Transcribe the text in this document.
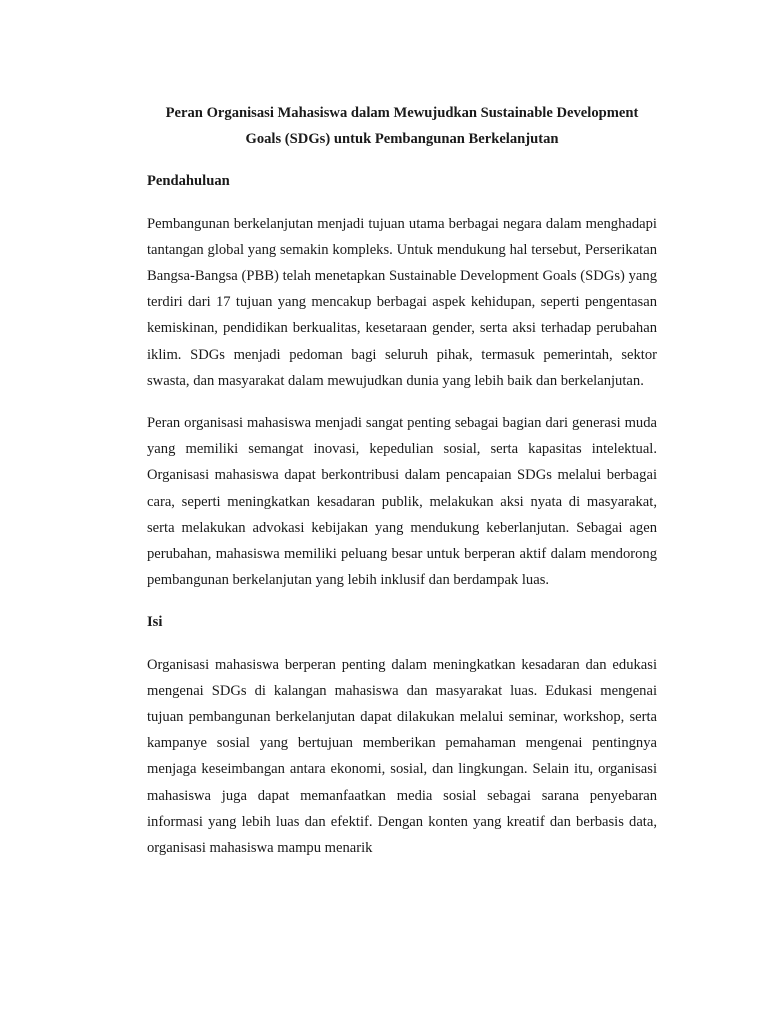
Peran Organisasi Mahasiswa dalam Mewujudkan Sustainable Development Goals (SDGs) untuk Pembangunan Berkelanjutan
Pendahuluan

Pembangunan berkelanjutan menjadi tujuan utama berbagai negara dalam menghadapi tantangan global yang semakin kompleks. Untuk mendukung hal tersebut, Perserikatan Bangsa-Bangsa (PBB) telah menetapkan Sustainable Development Goals (SDGs) yang terdiri dari 17 tujuan yang mencakup berbagai aspek kehidupan, seperti pengentasan kemiskinan, pendidikan berkualitas, kesetaraan gender, serta aksi terhadap perubahan iklim. SDGs menjadi pedoman bagi seluruh pihak, termasuk pemerintah, sektor swasta, dan masyarakat dalam mewujudkan dunia yang lebih baik dan berkelanjutan.

Peran organisasi mahasiswa menjadi sangat penting sebagai bagian dari generasi muda yang memiliki semangat inovasi, kepedulian sosial, serta kapasitas intelektual. Organisasi mahasiswa dapat berkontribusi dalam pencapaian SDGs melalui berbagai cara, seperti meningkatkan kesadaran publik, melakukan aksi nyata di masyarakat, serta melakukan advokasi kebijakan yang mendukung keberlanjutan. Sebagai agen perubahan, mahasiswa memiliki peluang besar untuk berperan aktif dalam mendorong pembangunan berkelanjutan yang lebih inklusif dan berdampak luas.

Isi

Organisasi mahasiswa berperan penting dalam meningkatkan kesadaran dan edukasi mengenai SDGs di kalangan mahasiswa dan masyarakat luas. Edukasi mengenai tujuan pembangunan berkelanjutan dapat dilakukan melalui seminar, workshop, serta kampanye sosial yang bertujuan memberikan pemahaman mengenai pentingnya menjaga keseimbangan antara ekonomi, sosial, dan lingkungan. Selain itu, organisasi mahasiswa juga dapat memanfaatkan media sosial sebagai sarana penyebaran informasi yang lebih luas dan efektif. Dengan konten yang kreatif dan berbasis data, organisasi mahasiswa mampu menarik
